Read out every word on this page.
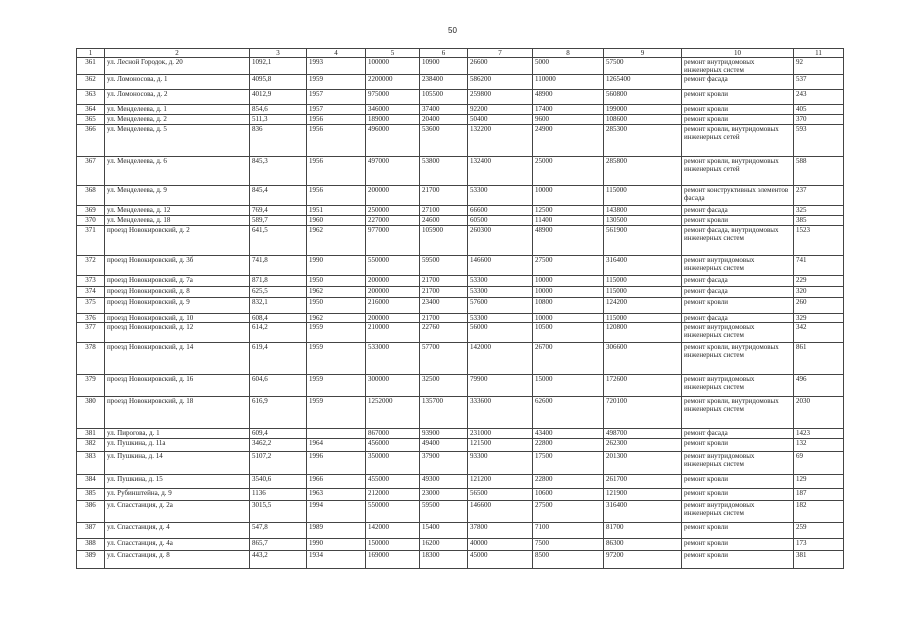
50
1	2	3	4	5	6	7	8	9	10	11
361	ул. Лесной Городок, д. 20	1092,1	1993	100000	10900	26600	5000	57500	ремонт внутридомовых инженерных систем	92
362	ул. Ломоносова, д. 1	4095,8	1959	2200000	238400	586200	110000	1265400	ремонт фасада	537
363	ул. Ломоносова, д. 2	4012,9	1957	975000	105500	259800	48900	560800	ремонт кровли	243
364	ул. Менделеева, д. 1	854,6	1957	346000	37400	92200	17400	199000	ремонт кровли	405
365	ул. Менделеева, д. 2	511,3	1956	189000	20400	50400	9600	108600	ремонт кровли	370
366	ул. Менделеева, д. 5	836	1956	496000	53600	132200	24900	285300	ремонт кровли, внутридомовых инженерных сетей	593
367	ул. Менделеева, д. 6	845,3	1956	497000	53800	132400	25000	285800	ремонт кровли, внутридомовых инженерных сетей	588
368	ул. Менделеева, д. 9	845,4	1956	200000	21700	53300	10000	115000	ремонт конструктивных элементов фасада	237
369	ул. Менделеева, д. 12	769,4	1951	250000	27100	66600	12500	143800	ремонт фасада	325
370	ул. Менделеева, д. 18	589,7	1960	227000	24600	60500	11400	130500	ремонт кровли	385
371	проезд Новокировский, д. 2	641,5	1962	977000	105900	260300	48900	561900	ремонт фасада, внутридомовых инженерных систем	1523
372	проезд Новокировский, д. 3б	741,8	1990	550000	59500	146600	27500	316400	ремонт внутридомовых инженерных систем	741
373	проезд Новокировский, д. 7а	871,8	1950	200000	21700	53300	10000	115000	ремонт фасада	229
374	проезд Новокировский, д. 8	625,5	1962	200000	21700	53300	10000	115000	ремонт фасада	320
375	проезд Новокировский, д. 9	832,1	1950	216000	23400	57600	10800	124200	ремонт кровли	260
376	проезд Новокировский, д. 10	608,4	1962	200000	21700	53300	10000	115000	ремонт фасада	329
377	проезд Новокировский, д. 12	614,2	1959	210000	22760	56000	10500	120800	ремонт внутридомовых инженерных систем	342
378	проезд Новокировский, д. 14	619,4	1959	533000	57700	142000	26700	306600	ремонт кровли, внутридомовых инженерных систем	861
379	проезд Новокировский, д. 16	604,6	1959	300000	32500	79900	15000	172600	ремонт внутридомовых инженерных систем	496
380	проезд Новокировский, д. 18	616,9	1959	1252000	135700	333600	62600	720100	ремонт кровли, внутридомовых инженерных систем	2030
381	ул. Пирогова, д. 1	609,4		867000	93900	231000	43400	498700	ремонт фасада	1423
382	ул. Пушкина, д. 11а	3462,2	1964	456000	49400	121500	22800	262300	ремонт кровли	132
383	ул. Пушкина, д. 14	5107,2	1996	350000	37900	93300	17500	201300	ремонт внутридомовых инженерных систем	69
384	ул. Пушкина, д. 15	3540,6	1966	455000	49300	121200	22800	261700	ремонт кровли	129
385	ул. Рубинштейна, д. 9	1136	1963	212000	23000	56500	10600	121900	ремонт кровли	187
386	ул. Спасстанция, д. 2а	3015,5	1994	550000	59500	146600	27500	316400	ремонт внутридомовых инженерных систем	182
387	ул. Спасстанция, д. 4	547,8	1989	142000	15400	37800	7100	81700	ремонт кровли	259
388	ул. Спасстанция, д. 4а	865,7	1990	150000	16200	40000	7500	86300	ремонт кровли	173
389	ул. Спасстанция, д. 8	443,2	1934	169000	18300	45000	8500	97200	ремонт кровли	381
